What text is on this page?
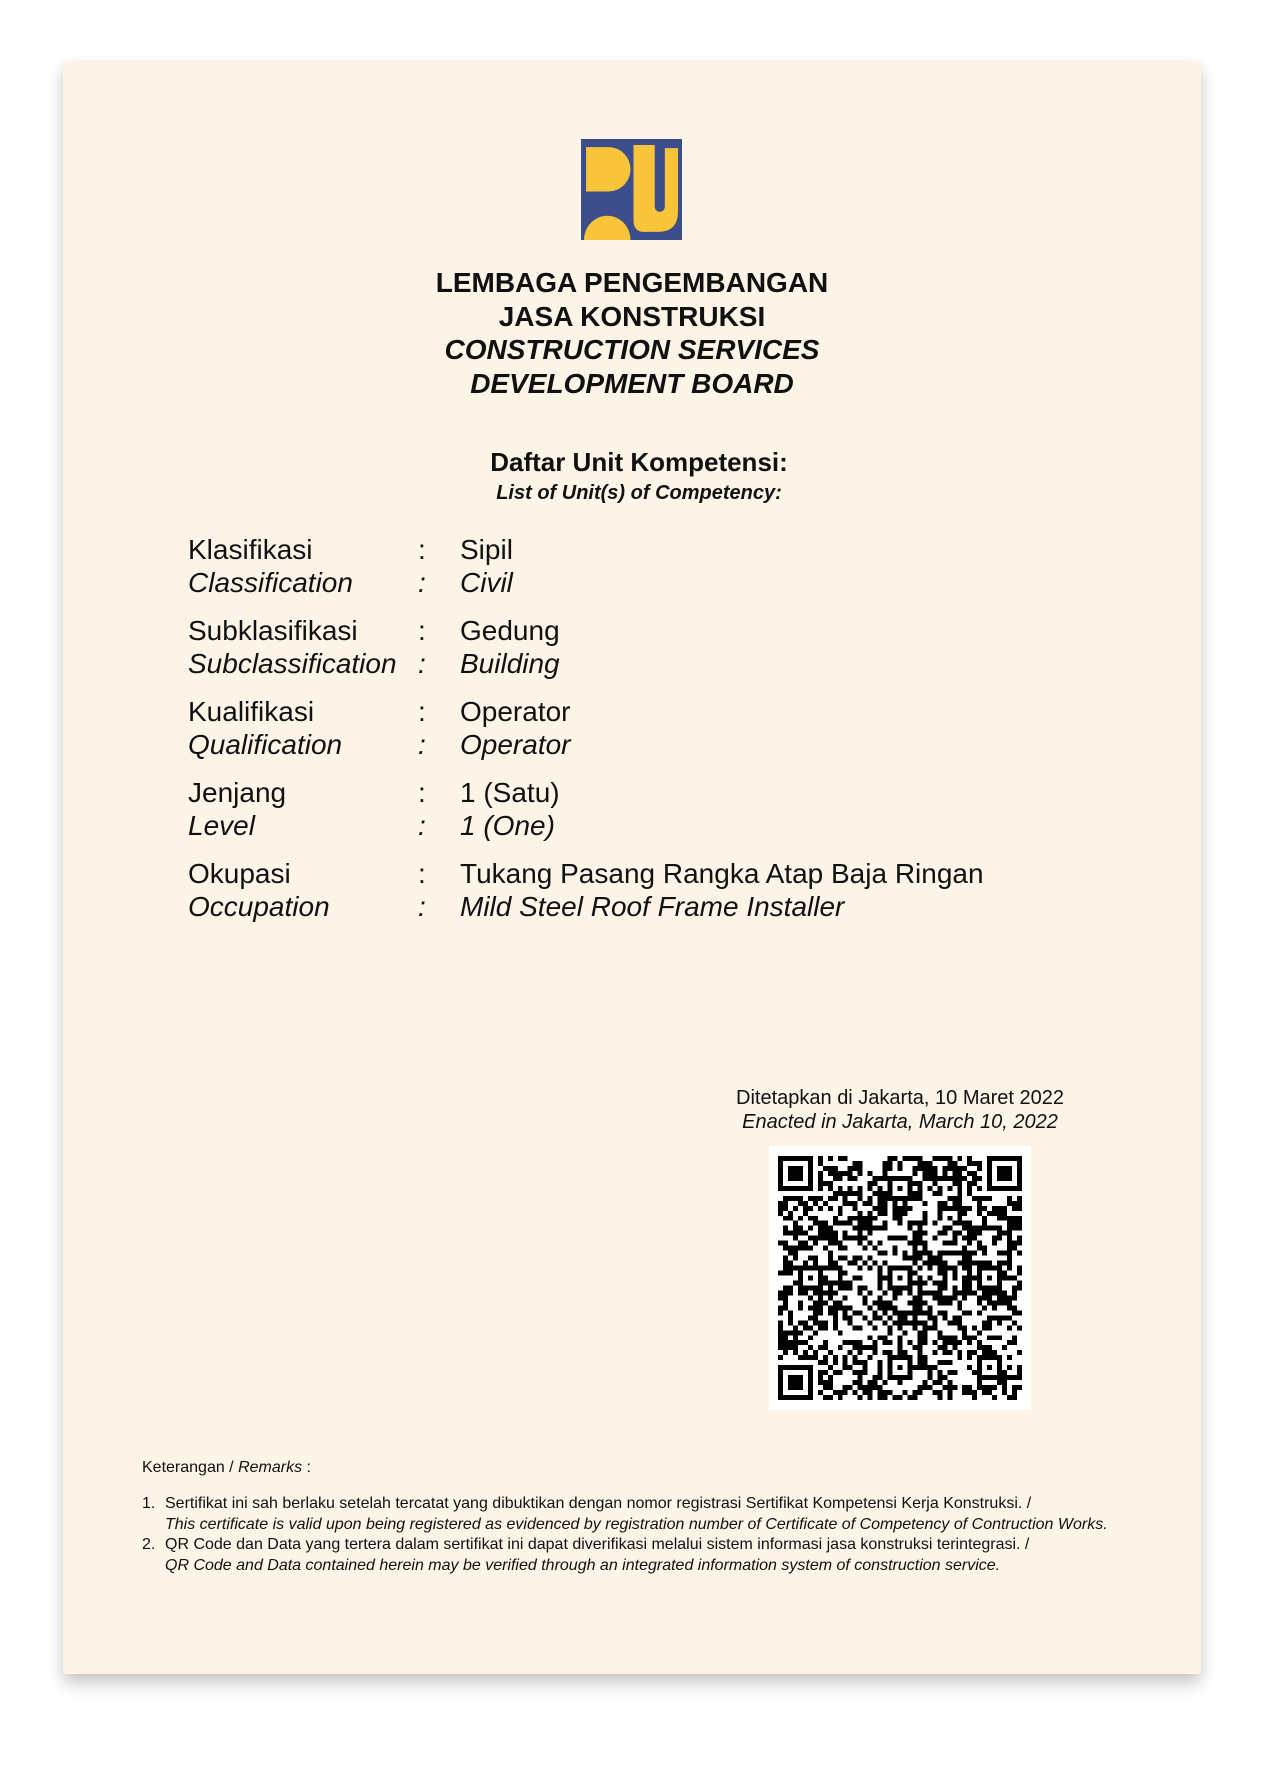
LEMBAGA PENGEMBANGAN
JASA KONSTRUKSI
CONSTRUCTION SERVICES
DEVELOPMENT BOARD
Daftar Unit Kompetensi:
List of Unit(s) of Competency:
Klasifikasi	:	Sipil
Classification	:	Civil
Subklasifikasi	:	Gedung
Subclassification :	Building
Kualifikasi	:	Operator
Qualification	:	Operator
Jenjang	:	1 (Satu)
Level	:	1 (One)
Okupasi	:	Tukang Pasang Rangka Atap Baja Ringan
Occupation	:	Mild Steel Roof Frame Installer
Ditetapkan di Jakarta, 10 Maret 2022
Enacted in Jakarta, March 10, 2022
Keterangan / Remarks :
1. Sertifikat ini sah berlaku setelah tercatat yang dibuktikan dengan nomor registrasi Sertifikat Kompetensi Kerja Konstruksi. /
This certificate is valid upon being registered as evidenced by registration number of Certificate of Competency of Contruction Works.
2. QR Code dan Data yang tertera dalam sertifikat ini dapat diverifikasi melalui sistem informasi jasa konstruksi terintegrasi. /
QR Code and Data contained herein may be verified through an integrated information system of construction service.
